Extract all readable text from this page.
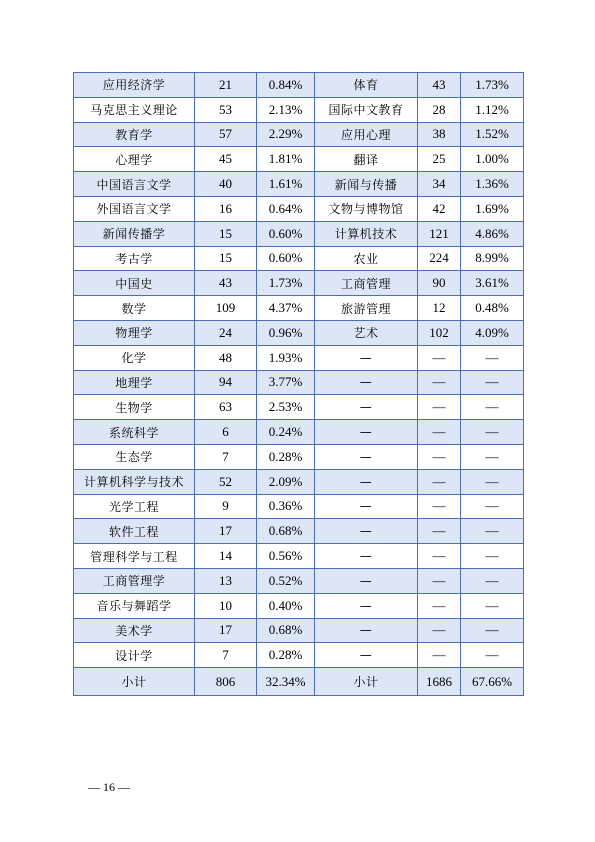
应用经济学	21	0.84%	体育	43	1.73%
马克思主义理论	53	2.13%	国际中文教育	28	1.12%
教育学	57	2.29%	应用心理	38	1.52%
心理学	45	1.81%	翻译	25	1.00%
中国语言文学	40	1.61%	新闻与传播	34	1.36%
外国语言文学	16	0.64%	文物与博物馆	42	1.69%
新闻传播学	15	0.60%	计算机技术	121	4.86%
考古学	15	0.60%	农业	224	8.99%
中国史	43	1.73%	工商管理	90	3.61%
数学	109	4.37%	旅游管理	12	0.48%
物理学	24	0.96%	艺术	102	4.09%
化学	48	1.93%	—	—	—
地理学	94	3.77%	—	—	—
生物学	63	2.53%	—	—	—
系统科学	6	0.24%	—	—	—
生态学	7	0.28%	—	—	—
计算机科学与技术	52	2.09%	—	—	—
光学工程	9	0.36%	—	—	—
软件工程	17	0.68%	—	—	—
管理科学与工程	14	0.56%	—	—	—
工商管理学	13	0.52%	—	—	—
音乐与舞蹈学	10	0.40%	—	—	—
美术学	17	0.68%	—	—	—
设计学	7	0.28%	—	—	—
小计	806	32.34%	小计	1686	67.66%
— 16 —
